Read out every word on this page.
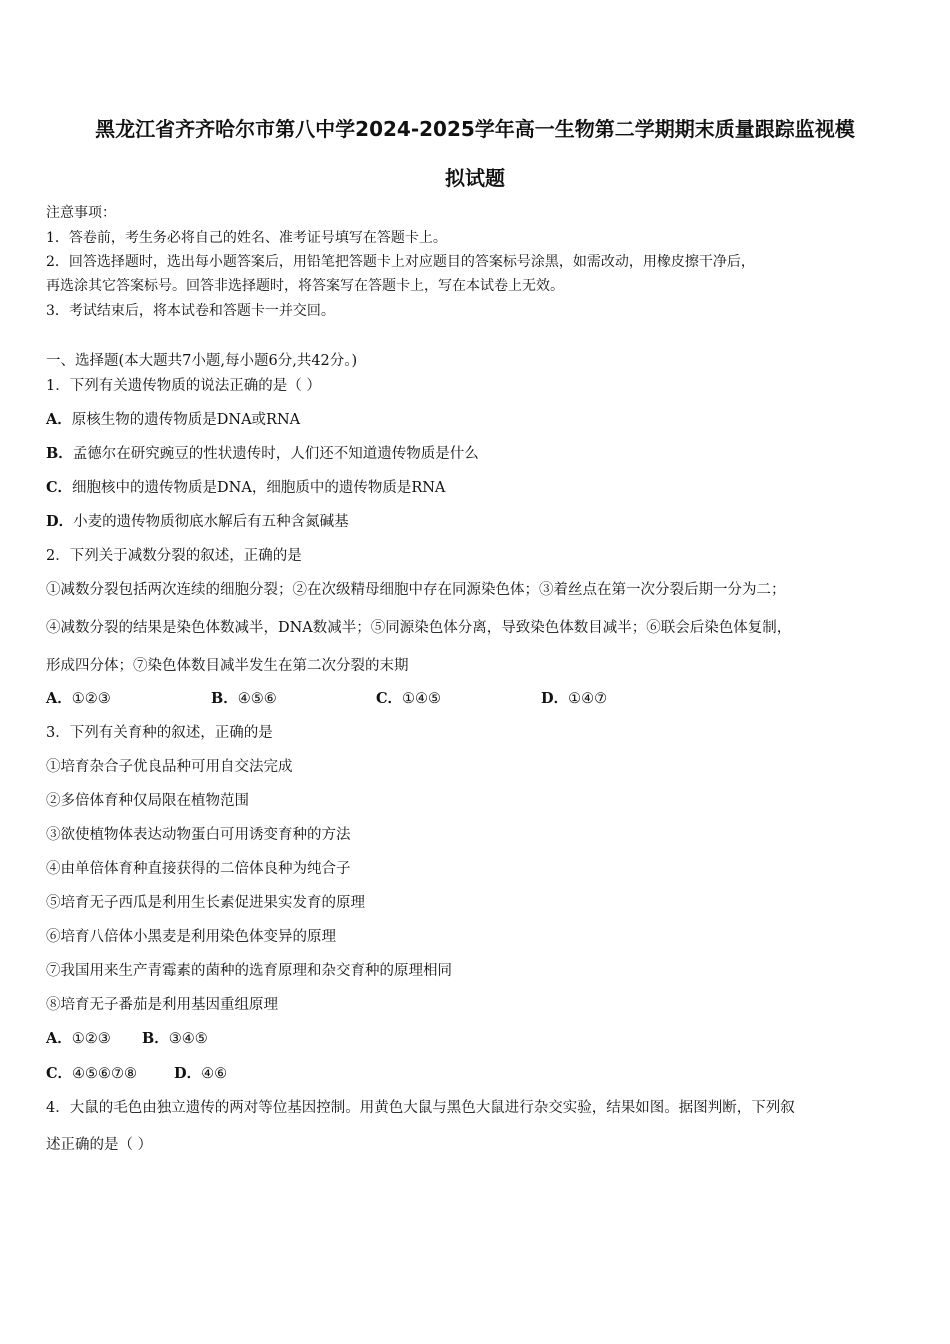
黑龙江省齐齐哈尔市第八中学2024-2025学年高一生物第二学期期末质量跟踪监视模
拟试题
注意事项：
1．答卷前，考生务必将自己的姓名、准考证号填写在答题卡上。
2．回答选择题时，选出每小题答案后，用铅笔把答题卡上对应题目的答案标号涂黑，如需改动，用橡皮擦干净后，
再选涂其它答案标号。回答非选择题时，将答案写在答题卡上，写在本试卷上无效。
3．考试结束后，将本试卷和答题卡一并交回。
一、选择题(本大题共7小题,每小题6分,共42分。)
1．下列有关遗传物质的说法正确的是（ ）
A．原核生物的遗传物质是DNA或RNA
B．孟德尔在研究豌豆的性状遗传时，人们还不知道遗传物质是什么
C．细胞核中的遗传物质是DNA，细胞质中的遗传物质是RNA
D．小麦的遗传物质彻底水解后有五种含氮碱基
2．下列关于减数分裂的叙述，正确的是
①减数分裂包括两次连续的细胞分裂；②在次级精母细胞中存在同源染色体；③着丝点在第一次分裂后期一分为二；
④减数分裂的结果是染色体数减半，DNA数减半；⑤同源染色体分离，导致染色体数目减半；⑥联会后染色体复制，
形成四分体；⑦染色体数目减半发生在第二次分裂的末期
A．①②③	B．④⑤⑥	C．①④⑤	D．①④⑦
3．下列有关育种的叙述，正确的是
①培育杂合子优良品种可用自交法完成
②多倍体育种仅局限在植物范围
③欲使植物体表达动物蛋白可用诱变育种的方法
④由单倍体育种直接获得的二倍体良种为纯合子
⑤培育无子西瓜是利用生长素促进果实发育的原理
⑥培育八倍体小黑麦是利用染色体变异的原理
⑦我国用来生产青霉素的菌种的选育原理和杂交育种的原理相同
⑧培育无子番茄是利用基因重组原理
A．①②③ B．③④⑤
C．④⑤⑥⑦⑧	D．④⑥
4．大鼠的毛色由独立遗传的两对等位基因控制。用黄色大鼠与黑色大鼠进行杂交实验，结果如图。据图判断，下列叙
述正确的是（ ）
